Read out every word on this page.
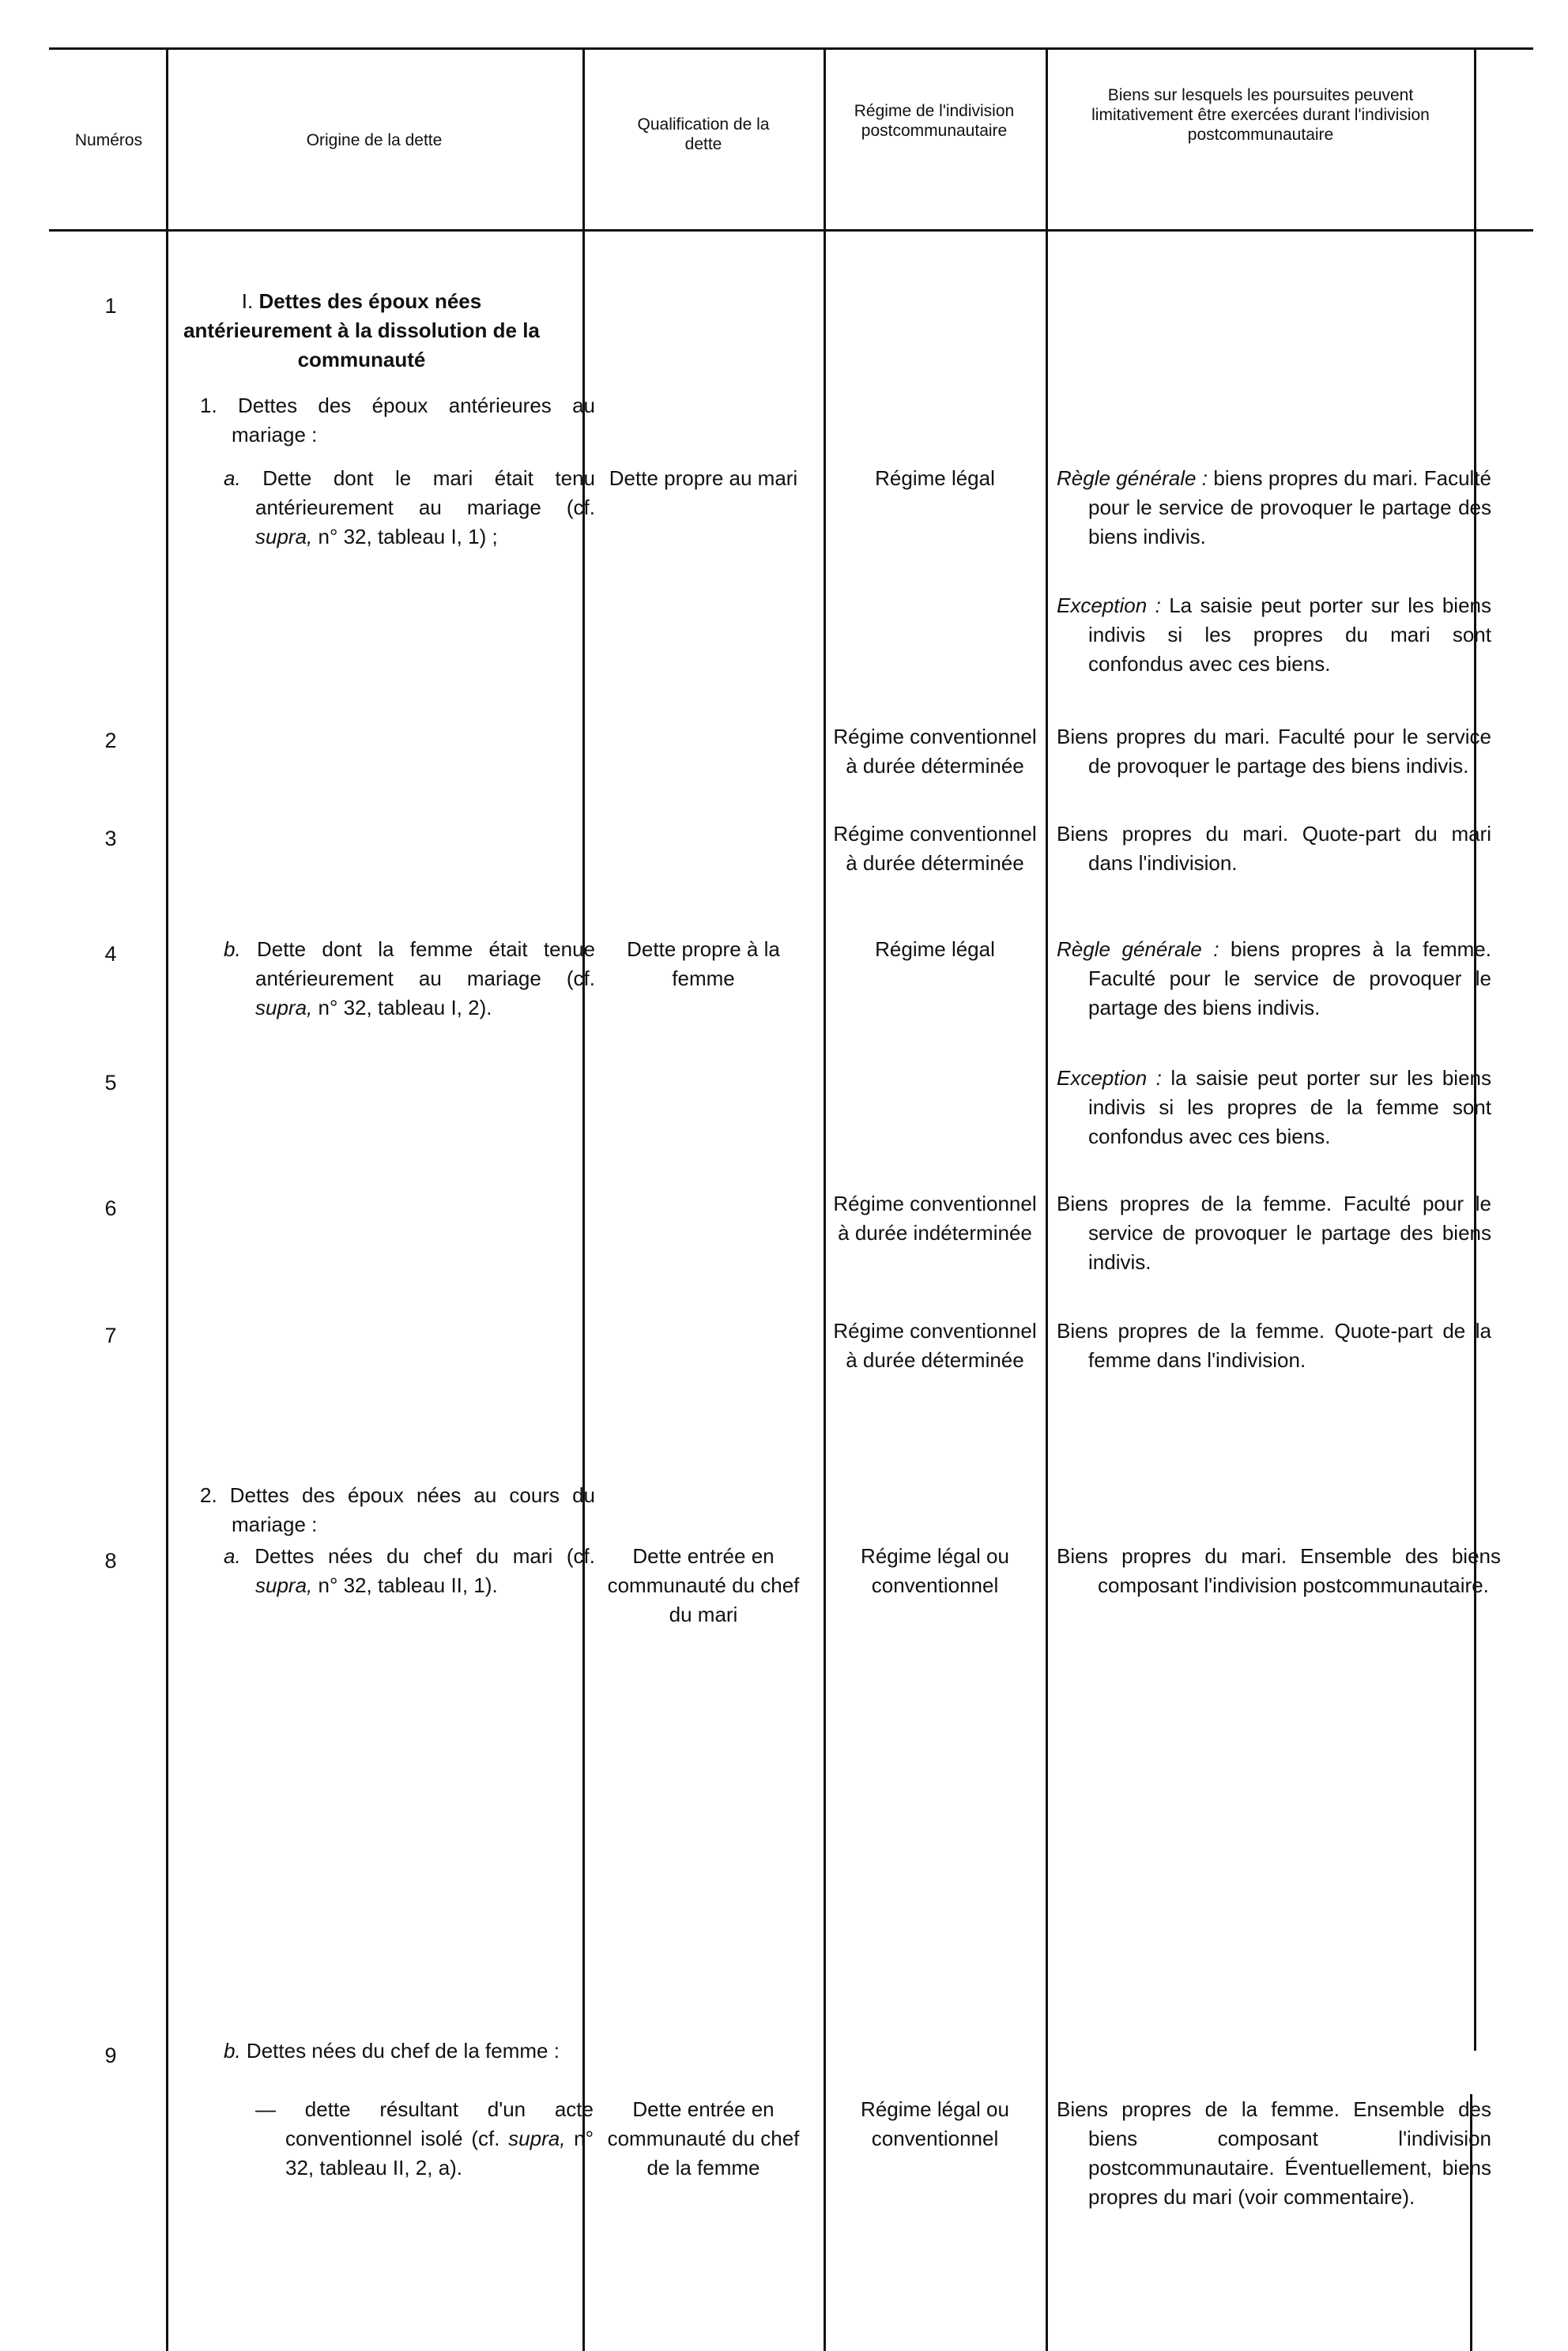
Numéros	Origine de la dette
Qualification de la dette
Régime de l'indivision postcommunautaire
Biens sur lesquels les poursuites peuvent limitativement être exercées durant l'indivision postcommunautaire
1
2
3
4
5
6
7
8
9
I. Dettes des époux nées antérieurement à la dissolution de la communauté
1. Dettes des époux antérieures au mariage :
a. Dette dont le mari était tenu antérieurement au mariage (cf. supra, n° 32, tableau I, 1) ;
b. Dette dont la femme était tenue antérieurement au mariage (cf. supra, n° 32, tableau I, 2).
2. Dettes des époux nées au cours du mariage :
a. Dettes nées du chef du mari (cf. supra, n° 32, tableau II, 1).
b. Dettes nées du chef de la femme :
— dette résultant d'un acte conventionnel isolé (cf. supra, n° 32, tableau II, 2, a).
Dette propre au mari
Dette propre à la femme
Dette entrée en communauté du chef du mari
Dette entrée en communauté du chef de la femme
Régime légal
Régime conventionnel à durée déterminée
Régime conventionnel à durée déterminée
Régime légal
Régime conventionnel à durée indéterminée
Régime conventionnel à durée déterminée
Régime légal ou conventionnel
Régime légal ou conventionnel
Règle générale : biens propres du mari. Faculté pour le service de provoquer le partage des biens indivis.
Exception : La saisie peut porter sur les biens indivis si les propres du mari sont confondus avec ces biens.
Biens propres du mari. Faculté pour le service de provoquer le partage des biens indivis.
Biens propres du mari. Quote-part du mari dans l'indivision.
Règle générale : biens propres à la femme. Faculté pour le service de provoquer le partage des biens indivis.
Exception : la saisie peut porter sur les biens indivis si les propres de la femme sont confondus avec ces biens.
Biens propres de la femme. Faculté pour le service de provoquer le partage des biens indivis.
Biens propres de la femme. Quote-part de la femme dans l'indivision.
Biens propres du mari. Ensemble des biens composant l'indivision postcommunautaire.
Biens propres de la femme. Ensemble des biens composant l'indivision postcommunautaire. Éventuellement, biens propres du mari (voir commentaire).
